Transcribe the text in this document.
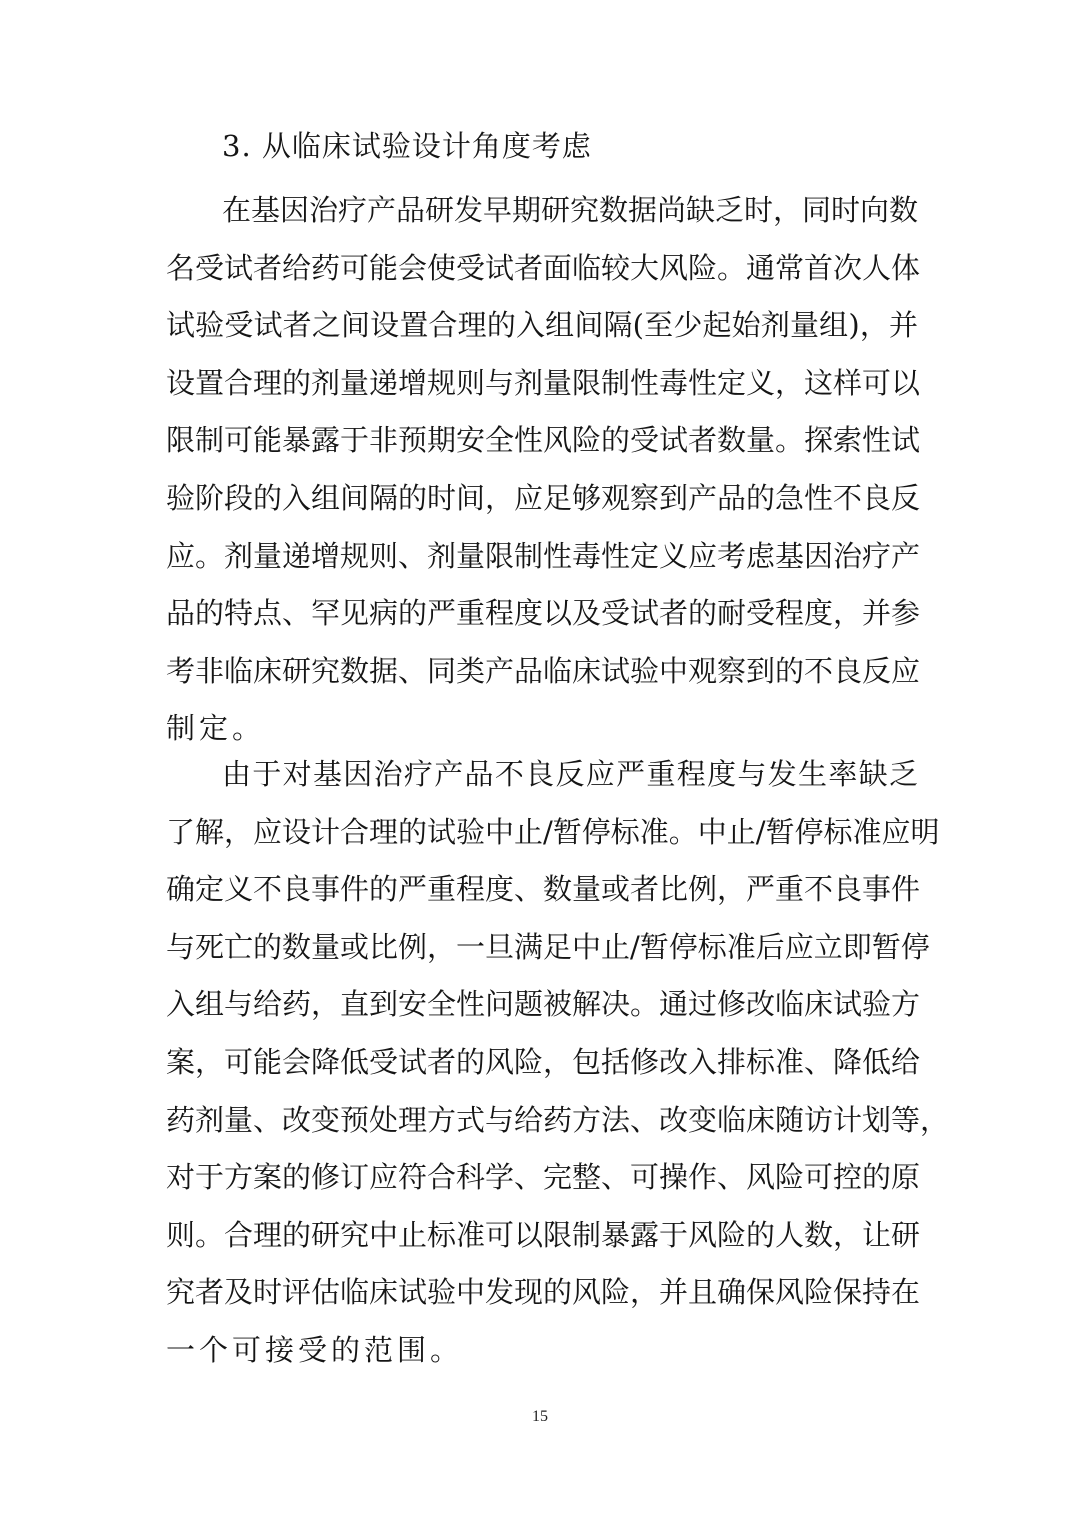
3. 从临床试验设计角度考虑
在基因治疗产品研发早期研究数据尚缺乏时，同时向数
名受试者给药可能会使受试者面临较大风险。通常首次人体
试验受试者之间设置合理的入组间隔(至少起始剂量组)，并
设置合理的剂量递增规则与剂量限制性毒性定义，这样可以
限制可能暴露于非预期安全性风险的受试者数量。探索性试
验阶段的入组间隔的时间，应足够观察到产品的急性不良反
应。剂量递增规则、剂量限制性毒性定义应考虑基因治疗产
品的特点、罕见病的严重程度以及受试者的耐受程度，并参
考非临床研究数据、同类产品临床试验中观察到的不良反应
制定。
由于对基因治疗产品不良反应严重程度与发生率缺乏
了解，应设计合理的试验中止/暂停标准。中止/暂停标准应明
确定义不良事件的严重程度、数量或者比例，严重不良事件
与死亡的数量或比例，一旦满足中止/暂停标准后应立即暂停
入组与给药，直到安全性问题被解决。通过修改临床试验方
案，可能会降低受试者的风险，包括修改入排标准、降低给
药剂量、改变预处理方式与给药方法、改变临床随访计划等，
对于方案的修订应符合科学、完整、可操作、风险可控的原
则。合理的研究中止标准可以限制暴露于风险的人数，让研
究者及时评估临床试验中发现的风险，并且确保风险保持在
一个可接受的范围。
15
